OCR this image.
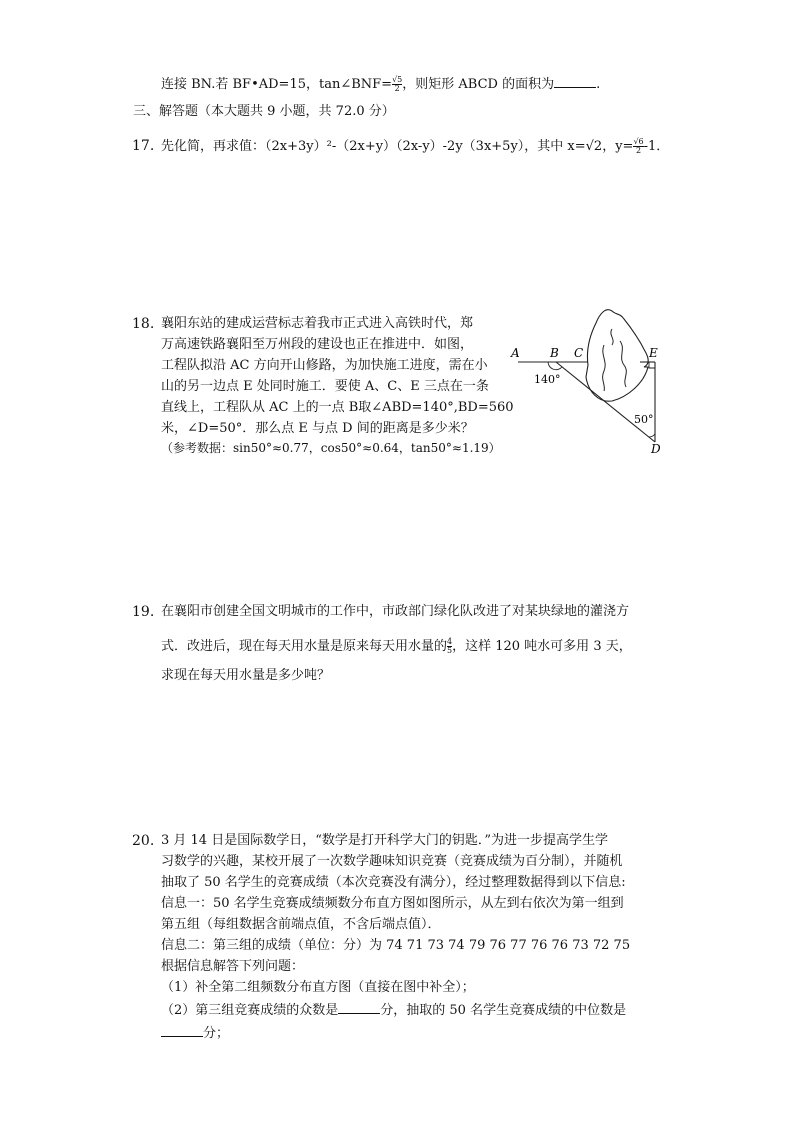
连接 BN.若 BF•AD=15，tan∠BNF= $\frac{√5}{2}$ ，则矩形 ABCD 的面积为	.
三、解答题（本大题共 9 小题，共 72.0 分）
17. 先化简，再求值：（2x+3y）²-（2x+y）（2x-y）-2y（3x+5y），其中 x=√2，$y= \frac{√6}{2} -1$．
18. 襄阳东站的建成运营标志着我市正式进入高铁时代，郑
万高速铁路襄阳至万州段的建设也正在推进中．如图，
工程队拟沿 AC 方向开山修路，为加快施工进度，需在小
山的另一边点 E 处同时施工．要使 A、C、E 三点在一条
直线上，工程队从 AC 上的一点 B取∠ABD=140°,BD=560
米，∠D=50°．那么点 E 与点 D 间的距离是多少米？
（参考数据：sin50°≈0.77，cos50°≈0.64，tan50°≈1.19）
A	B C	E
D
140°
50°
19. 在襄阳市创建全国文明城市的工作中，市政部门绿化队改进了对某块绿地的灌浇方
式．改进后，现在每天用水量是原来每天用水量的 $\frac{4}{5}$ ，这样 120 吨水可多用 3 天，
求现在每天用水量是多少吨？
20. 3 月 14 日是国际数学日，“数学是打开科学大门的钥匙．”为进一步提高学生学
习数学的兴趣，某校开展了一次数学趣味知识竞赛（竞赛成绩为百分制），并随机
抽取了 50 名学生的竞赛成绩（本次竞赛没有满分），经过整理数据得到以下信息:
信息一：50 名学生竞赛成绩频数分布直方图如图所示，从左到右依次为第一组到
第五组（每组数据含前端点值，不含后端点值）．
信息二：第三组的成绩（单位：分）为 74 71 73 74 79 76 77 76 76 73 72 75
根据信息解答下列问题：
（1）补全第二组频数分布直方图（直接在图中补全）；
（2）第三组竞赛成绩的众数是	分，抽取的 50 名学生竞赛成绩的中位数是
分；
